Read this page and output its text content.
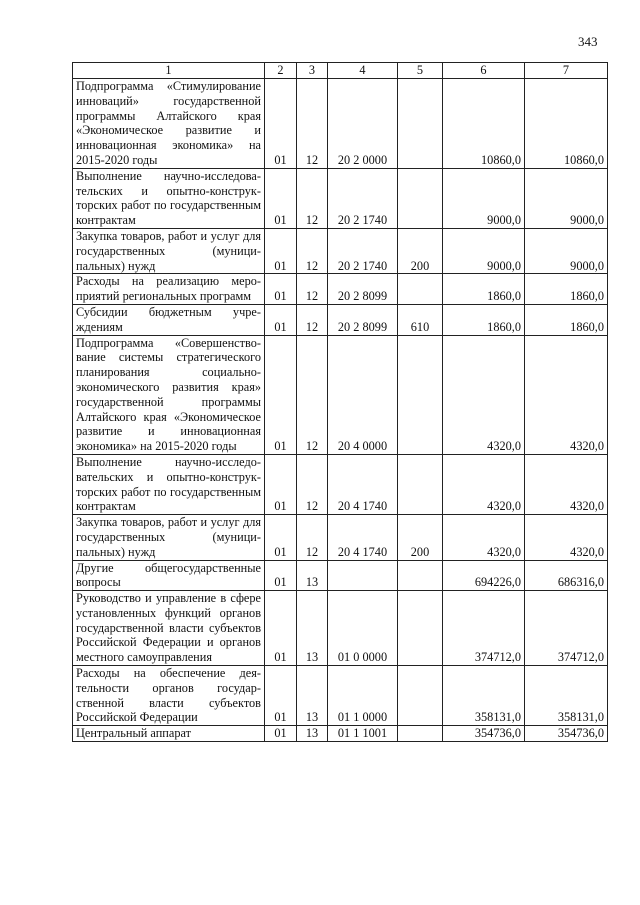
343
1	2	3	4	5	6	7
Подпрограмма «Стимулирование инноваций» государственной программы Алтайского края «Экономическое развитие и инновационная экономика» на 2015-2020 годы	01	12	20 2 0000		10860,0	10860,0
Выполнение научно-исследовательских и опытно-конструкторских работ по государственным контрактам	01	12	20 2 1740		9000,0	9000,0
Закупка товаров, работ и услуг для государственных (муниципальных) нужд	01	12	20 2 1740	200	9000,0	9000,0
Расходы на реализацию мероприятий региональных программ	01	12	20 2 8099		1860,0	1860,0
Субсидии бюджетным учреждениям	01	12	20 2 8099	610	1860,0	1860,0
Подпрограмма «Совершенствование системы стратегического планирования социально-экономического развития края» государственной программы Алтайского края «Экономическое развитие и инновационная экономика» на 2015-2020 годы	01	12	20 4 0000		4320,0	4320,0
Выполнение научно-исследовательских и опытно-конструкторских работ по государственным контрактам	01	12	20 4 1740		4320,0	4320,0
Закупка товаров, работ и услуг для государственных (муниципальных) нужд	01	12	20 4 1740	200	4320,0	4320,0
Другие общегосударственные вопросы	01	13			694226,0	686316,0
Руководство и управление в сфере установленных функций органов государственной власти субъектов Российской Федерации и органов местного самоуправления	01	13	01 0 0000		374712,0	374712,0
Расходы на обеспечение деятельности органов государственной власти субъектов Российской Федерации	01	13	01 1 0000		358131,0	358131,0
Центральный аппарат	01	13	01 1 1001		354736,0	354736,0
